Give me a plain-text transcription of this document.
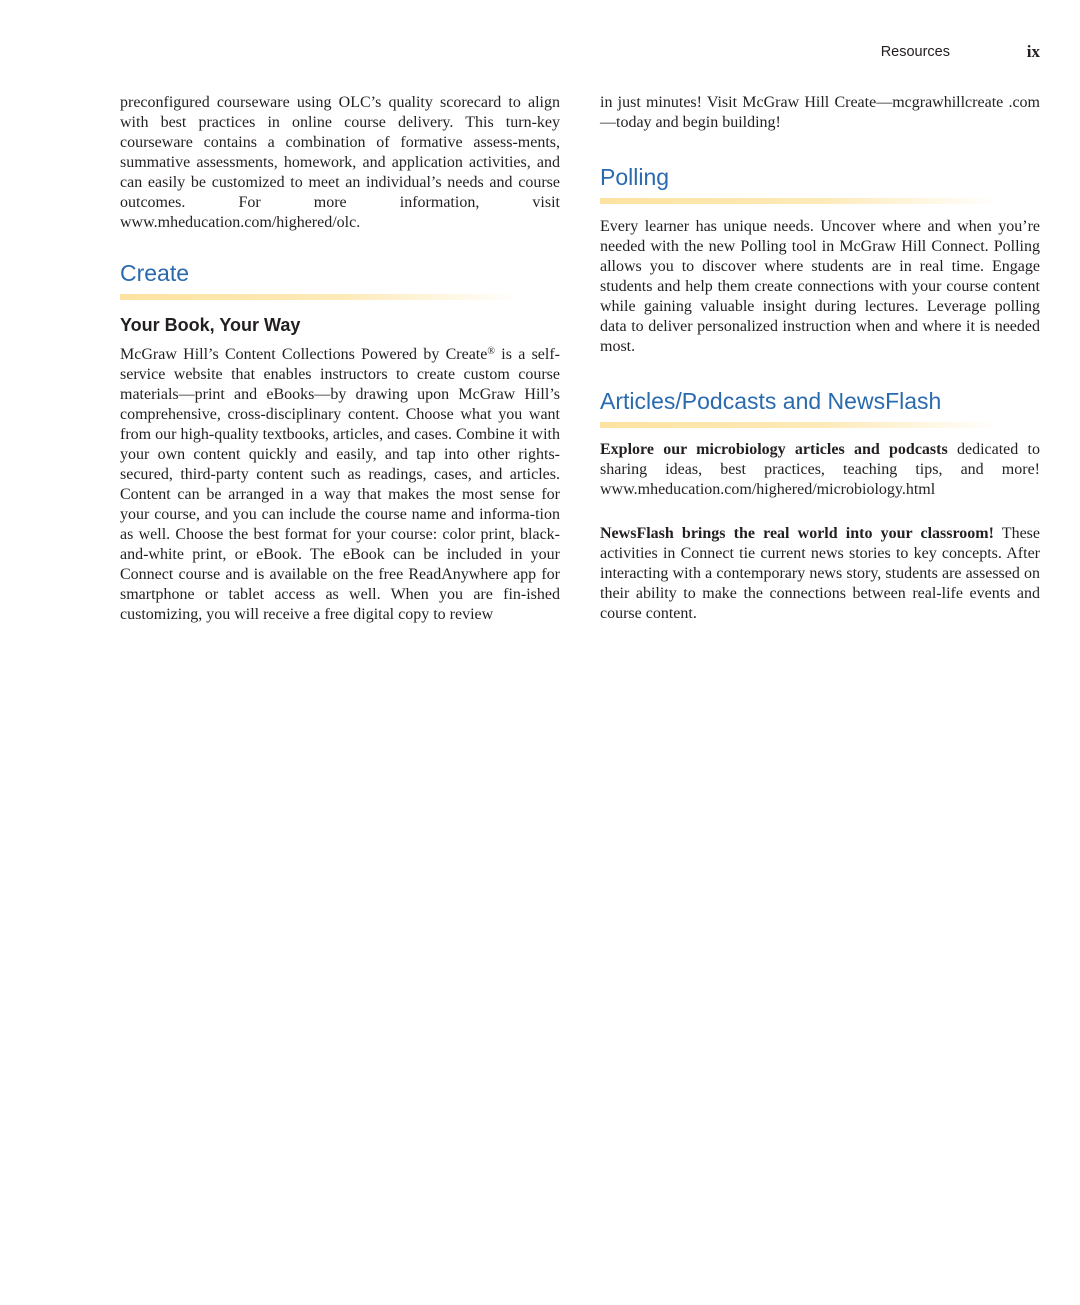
Resources	ix

preconfigured courseware using OLC’s quality scorecard to align with best practices in online course delivery. This turn-key courseware contains a combination of formative assess-ments, summative assessments, homework, and application activities, and can easily be customized to meet an individual’s needs and course outcomes. For more information, visit www.mheducation.com/highered/olc.

Create
Your Book, Your Way

McGraw Hill’s Content Collections Powered by Create® is a self-service website that enables instructors to create custom course materials—print and eBooks—by drawing upon McGraw Hill’s comprehensive, cross-disciplinary content. Choose what you want from our high-quality textbooks, articles, and cases. Combine it with your own content quickly and easily, and tap into other rights-secured, third-party content such as readings, cases, and articles. Content can be arranged in a way that makes the most sense for your course, and you can include the course name and informa-tion as well. Choose the best format for your course: color print, black-and-white print, or eBook. The eBook can be included in your Connect course and is available on the free ReadAnywhere app for smartphone or tablet access as well. When you are fin-ished customizing, you will receive a free digital copy to review

in just minutes! Visit McGraw Hill Create—mcgrawhillcreate .com—today and begin building!

Polling

Every learner has unique needs. Uncover where and when you’re needed with the new Polling tool in McGraw Hill Connect. Polling allows you to discover where students are in real time. Engage students and help them create connections with your course content while gaining valuable insight during lectures. Leverage polling data to deliver personalized instruction when and where it is needed most.

Articles/Podcasts and NewsFlash

Explore our microbiology articles and podcasts dedicated to sharing ideas, best practices, teaching tips, and more! www.mheducation.com/highered/microbiology.html

NewsFlash brings the real world into your classroom! These activities in Connect tie current news stories to key concepts. After interacting with a contemporary news story, students are assessed on their ability to make the connections between real-life events and course content.
